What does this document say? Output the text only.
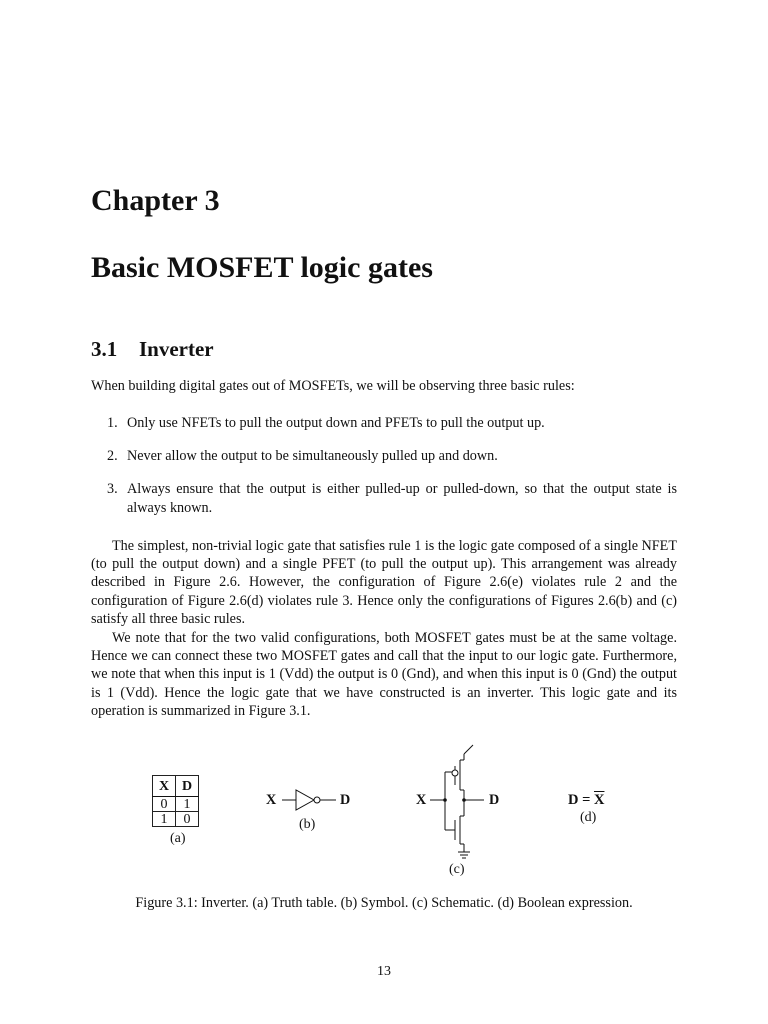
Chapter 3
Basic MOSFET logic gates
3.1 Inverter
When building digital gates out of MOSFETs, we will be observing three basic rules:
1. Only use NFETs to pull the output down and PFETs to pull the output up.
2. Never allow the output to be simultaneously pulled up and down.
3. Always ensure that the output is either pulled-up or pulled-down, so that the output state is always known.
The simplest, non-trivial logic gate that satisfies rule 1 is the logic gate composed of a single NFET (to pull the output down) and a single PFET (to pull the output up). This arrangement was already described in Figure 2.6. However, the configuration of Figure 2.6(e) violates rule 2 and the configuration of Figure 2.6(d) violates rule 3. Hence only the configurations of Figures 2.6(b) and (c) satisfy all three basic rules.
We note that for the two valid configurations, both MOSFET gates must be at the same voltage. Hence we can connect these two MOSFET gates and call that the input to our logic gate. Furthermore, we note that when this input is 1 (Vdd) the output is 0 (Gnd), and when this input is 0 (Gnd) the output is 1 (Vdd). Hence the logic gate that we have constructed is an inverter. This logic gate and its operation is summarized in Figure 3.1.
X	D
0	1
1	0
(a)
X	D
(b)
X	D
(c)
$D = \overline{X}$
(d)
Figure 3.1: Inverter. (a) Truth table. (b) Symbol. (c) Schematic. (d) Boolean expression.
13
